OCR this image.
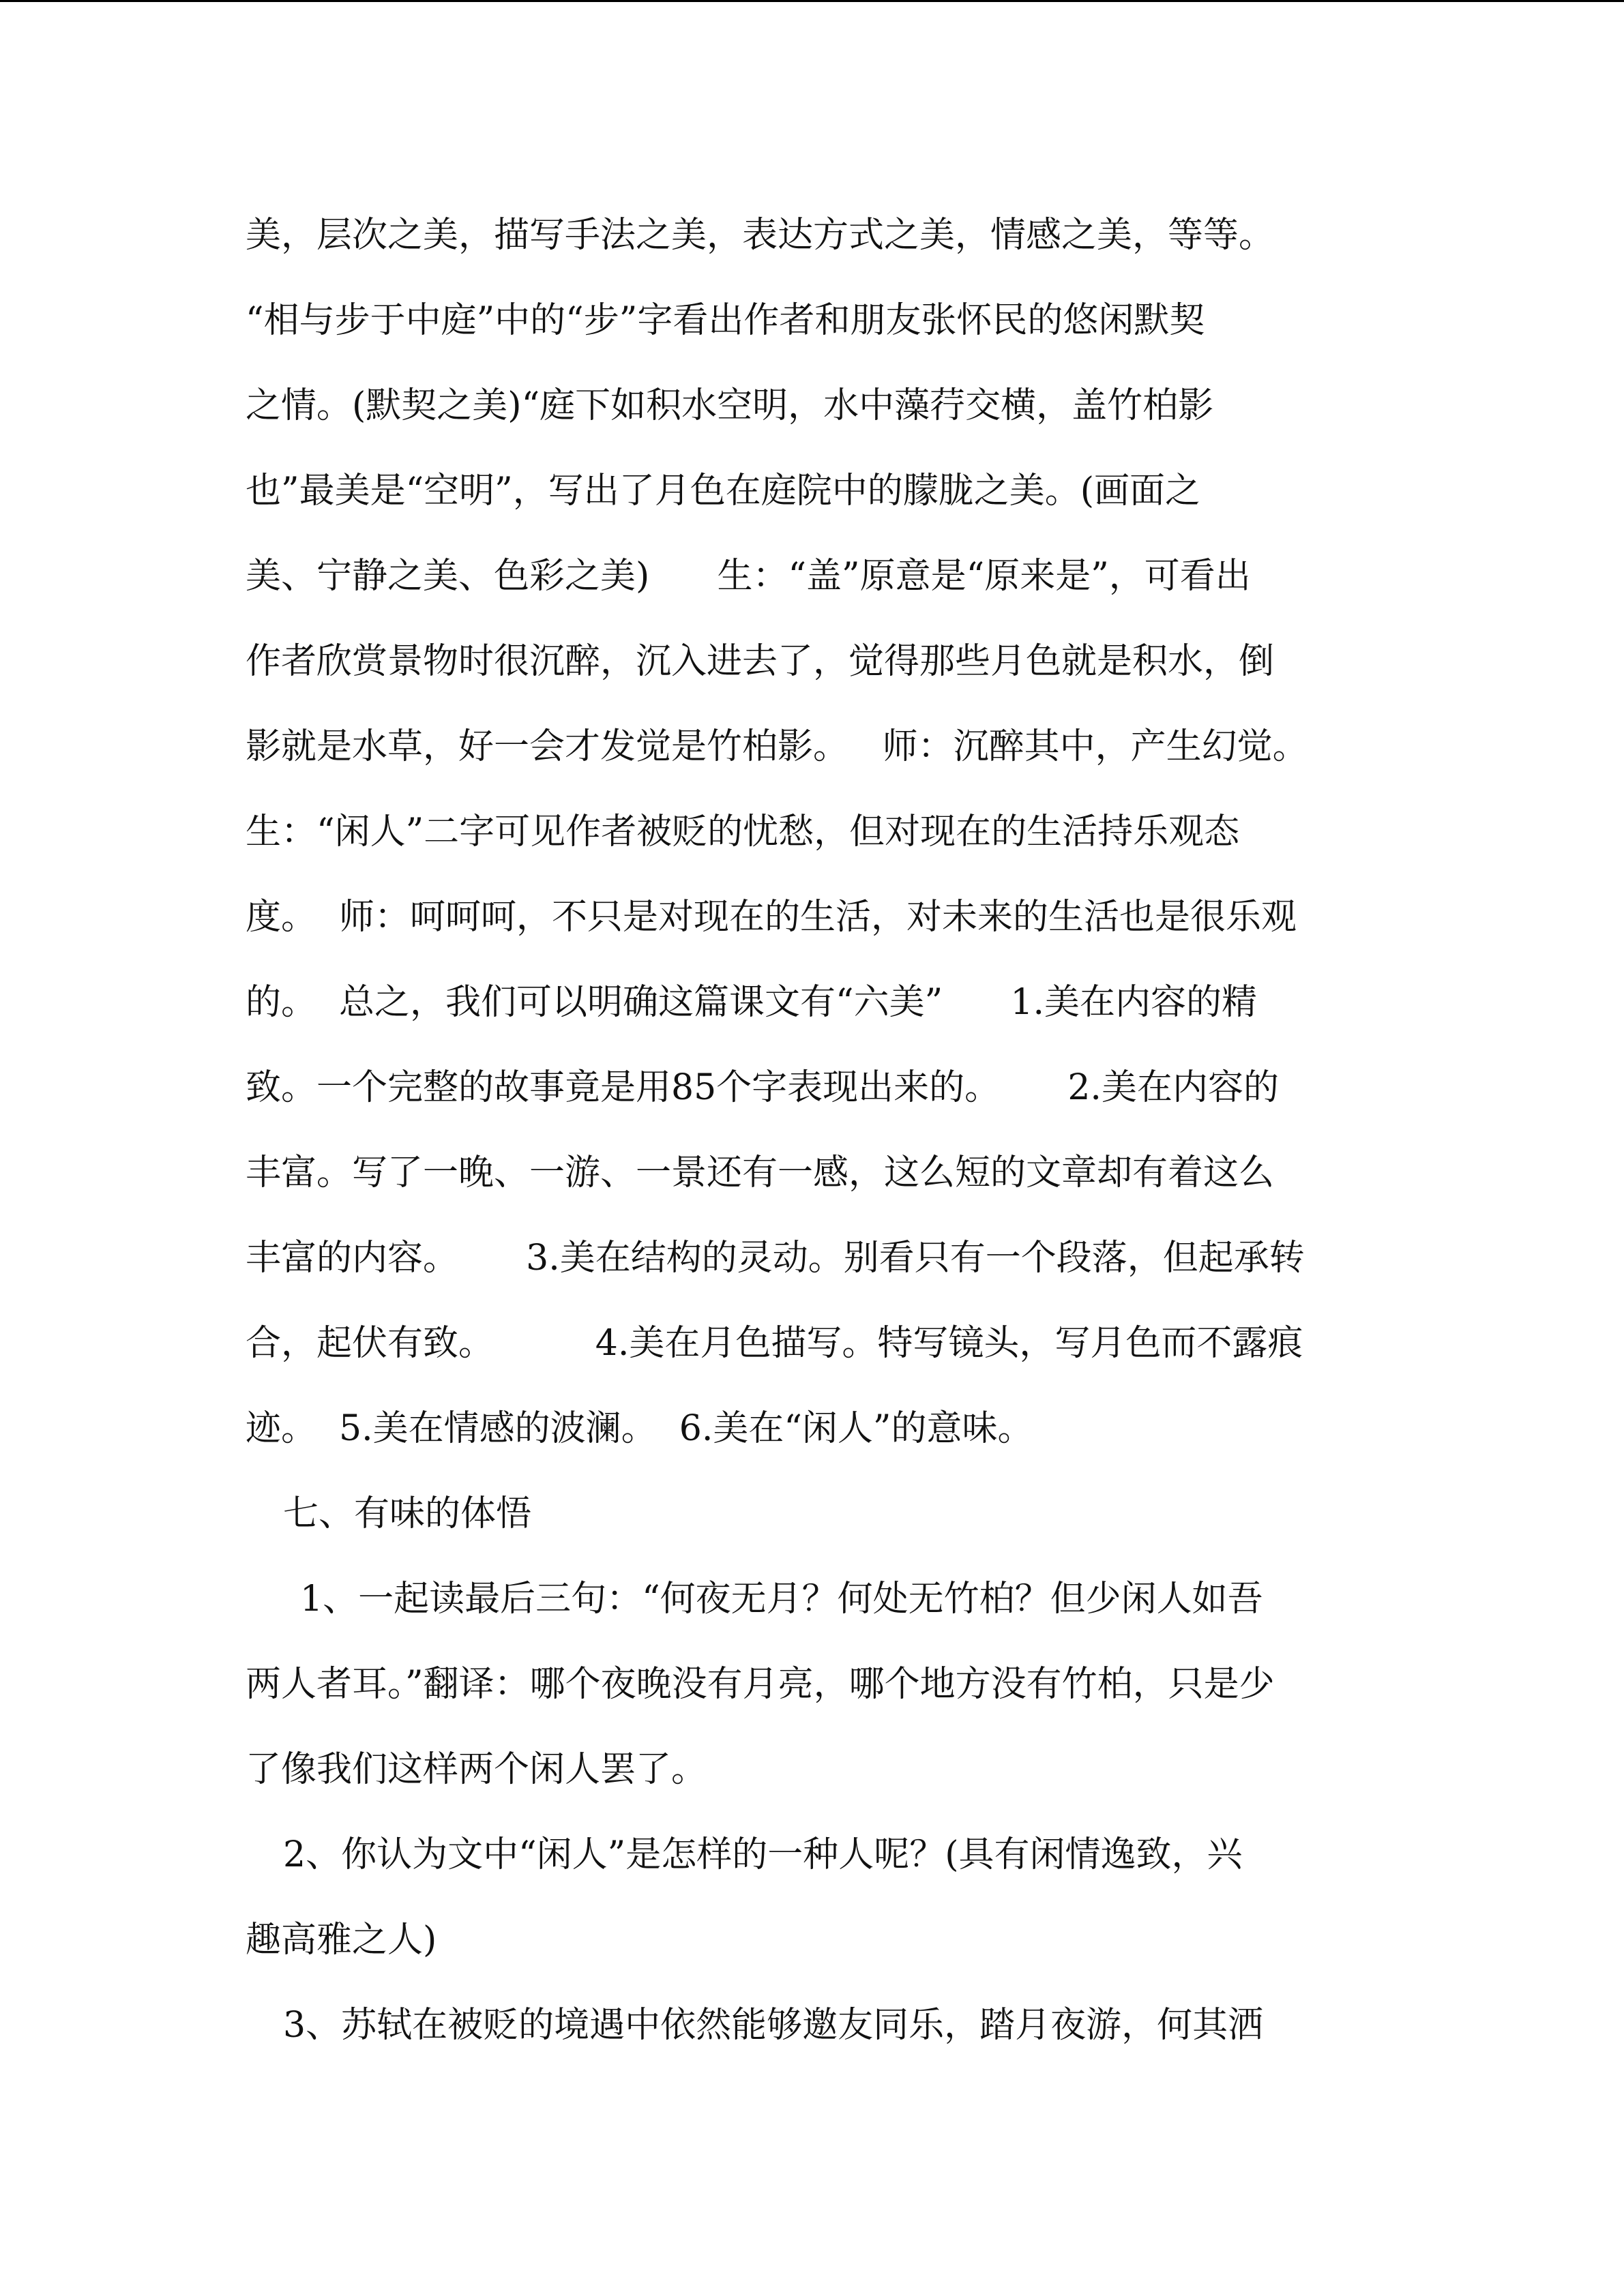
美，层次之美，描写手法之美，表达方式之美，情感之美，等等。
“相与步于中庭”中的“步”字看出作者和朋友张怀民的悠闲默契
之情。(默契之美)“庭下如积水空明，水中藻荇交横，盖竹柏影
也”最美是“空明”，写出了月色在庭院中的朦胧之美。(画面之
美、宁静之美、色彩之美)      生：“盖”原意是“原来是”，可看出
作者欣赏景物时很沉醉，沉入进去了，觉得那些月色就是积水，倒
影就是水草，好一会才发觉是竹柏影。   师：沉醉其中，产生幻觉。
生：“闲人”二字可见作者被贬的忧愁，但对现在的生活持乐观态
度。  师：呵呵呵，不只是对现在的生活，对未来的生活也是很乐观
的。  总之，我们可以明确这篇课文有“六美”      1.美在内容的精
致。一个完整的故事竟是用85个字表现出来的。      2.美在内容的
丰富。写了一晚、一游、一景还有一感，这么短的文章却有着这么
丰富的内容。      3.美在结构的灵动。别看只有一个段落，但起承转
合，起伏有致。         4.美在月色描写。特写镜头，写月色而不露痕
迹。  5.美在情感的波澜。  6.美在“闲人”的意味。
七、有味的体悟
1、一起读最后三句：“何夜无月？何处无竹柏？但少闲人如吾
两人者耳。”翻译：哪个夜晚没有月亮，哪个地方没有竹柏，只是少
了像我们这样两个闲人罢了。
2、你认为文中“闲人”是怎样的一种人呢？(具有闲情逸致，兴
趣高雅之人)
3、苏轼在被贬的境遇中依然能够邀友同乐，踏月夜游，何其洒
